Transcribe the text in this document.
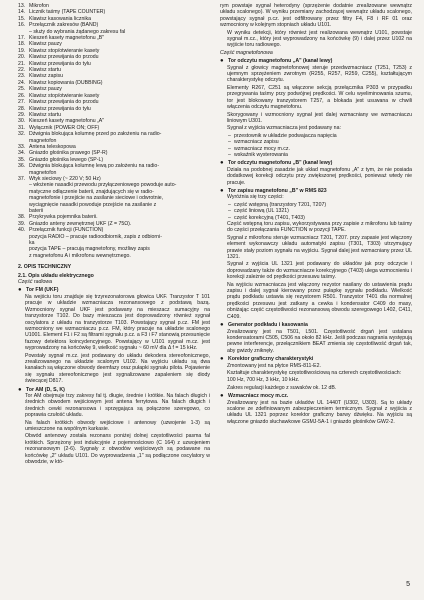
13. Mikrofon
14. Licznik taśmy (TAPE COUNTER)
15. Klawisz kasowania licznika
16. Przełącznik zakresów (BAND)
– służy do wybrania żądanego zakresu fal
17. Kieszeń kasety magnetofonu „B"
18. Klawisz pauzy
19. Klawisz stop/otwieranie kasety
20. Klawisz przewijania do przodu
21. Klawisz przewijania do tyłu
22. Klawisz startu
23. Klawisz zapisu
24. Klawisz kopiowania (DUBBING)
25. Klawisz pauzy
26. Klawisz stop/otwieranie kasety
27. Klawisz przewijania do przodu
28. Klawisz przewijania do tyłu
29. Klawisz startu
30. Kieszeń kasety magnetofonu „A"
31. Wyłącznik (POWER ON; OFF)
32. Dźwignia blokująca kolumnę przed po założeniu na radio-
magnetofon
33. Antena teleskopowa
34. Gniazdo głośnika prawego (SP-R)
35. Gniazdo głośnika lewego (SP-L)
36. Dźwignia blokująca kolumnę lewą po założeniu na radio-
magnetofon
37. Wtyk sieciowy (~ 220 V; 50 Hz)
– włożenie nasadki przewodu przyłączeniowego powoduje auto-
matyczne odłączenie baterii, znajdujących się w radio-
magnetofonie i przejście na zasilanie sieciowe i odwrotnie,
wyciągnięcie nasadki powoduje przejście na zasilanie z
baterii
38. Przykrywka pojemnika baterii.
39. Gniazdo anteny zewnętrznej UKF (Z = 75Ω).
40. Przełącznik funkcji (FUNCTION)
pozycja RADIO – pracuje radioodbiornik, zapis z odbiorni-
ka
pozycja TAPE – pracują magnetofony, możliwy zapis
z magnetofonu A i mikrofonu wewnętrznego.
2. OPIS TECHNICZNY
2.1. Opis układu elektrycznego
Część radiowa
● Tor FM (UKF)

Na wejściu toru znajduje się trzyrezonatorowa głowica UKF. Tranzystor T 101 pracuje w układzie wzmacniacza rezonansowego z podstawą bazą. Wzmocniony sygnał UKF jest podawany na mieszacz sumacyjny na tranzystorze T102. Do bazy mieszacza jest doprowadzony również sygnał oscylatora z układu na tranzystorze T103. Powstający sygnał p.cz. FM jest wzmocniony we wzmacniaczu p.cz. FM, który pracuje na układzie scalonego U1001. Element F1 i F2 są filtrami sygnału p.cz. a F3 i F7 stanowią przesunięcie fazowy detektora koincydencyjnego. Powstający w U101 sygnał m.cz. jest wyprowadzony na końcówkę 9, wielkość sygnału ~ 60 mV dla Δ f = 15 kHz.

Powstały sygnał m.cz. jest podawany do układu dekodera stereofonicznego, zrealizowanego na układzie scalonym U102. Na wyjściu układu są dwa kanałach są włączone obwody deemfazy oraz pułapki sygnału pilota. Pojawienie się sygnału stereofonicznego jest sygnalizowane zapaleniem się diody świecącej D817.

● Tor AM (D, S, K)

Tor AM obejmuje trzy zakresy fal tj. długie, średnie i krótkie. Na falach długich i średnich obwodem wejściowym jest antena ferrytowa. Na falach długich i średnich cewki rezonansowa i sprzęgająca są połączone szeregowo, co poprawia czułość układu.

Na falach krótkich obwody wejściowe i antenowy (uzwojenie 1-3) są umieszczone na wspólnym karkasie.

Obwód antenowy została rezonans poniżej dolnej częstotliwości pasma fal krótkich. Sprzężony jest indukcyjnie z pojemnościowo (C 164) z uzwojeniem rezonansowym (2-6). Sygnały z obwodów wejściowych są podawane na końcówkę „2" układu U101. Do wyprowadzenia „1" są podłączone oscylatory w obwodzie, w któ-

rym powstaje sygnał heterodyny (sprzężenie dodatnie zrealizowane wewnątrz układu scalonego). W wyniku przemiany zachodzącej wewnątrz układu scalonego, powstający sygnał p.cz. jest odfiltrowany przez filtry F4, F8 i RF 01 oraz wzmocniony w kolejnym stopniach układu U101.

W wyniku detekcji, który również jest realizowana wewnątrz U101, powstaje sygnał m.cz., który jest wyprowadzony na końcówkę (9) i dalej przez U102 na wyjście toru radiowego.

Część magnetofonowa
● Tor odczytu magnetofonu „A" (kanał lewy)

Sygnał z głowicy magnetofonowej steruje przedwzmacniacz (T251, T253) z ujemnym sprzężeniem zwrotnym (R255, R257, R259, C255), kształtującym charakterystykę odczytu.

Elementy R267, C251 są włączone sekcją przełącznika P303 w przypadku przegrywania taśmy przy podwójnej prędkości. W celu wyeliminowania szumu, tor jest blokowany tranzystorem T257, a blokada jest usuwana w chwili włączenia odczytu magnetofonu.

Skorygowany i wzmocniony sygnał jest dalej wzmacniany we wzmacniaczu liniowym U301.

Sygnał z wyjścia wzmacniacza jest podawany na:

– przestownik w układzie podwajacza napięcia
– wzmacniacz zapisu
– wzmacniacz mocy m.cz.
– wskaźnik wysterowania
● Tor odczytu magnetofonu „B" (kanał lewy)

Działa na podobnej zasadzie jak układ magnetofonu „A" z tym, że nie posiada dodatkowej korekcji odczytu przy zwiększonej prędkości, ponieważ wtedy nie pracuje.

● Tor zapisu magnetofonu „B" w RMS 823

Wyróżnia się trzy części:

– część wstępną (tranzystory T201, T207)
– część liniową (UL 1321)
– część korekcyjną (T401, T403)

Część wstępną toru zapisu, wykorzystywana przy zapisie z mikrofonu lub taśmy do części przełączania FUNCTION w pozycji TAPE.

Sygnał z mikrofonu steruje wzmacniacz T201, T207. przy zapasie jest włączony element wykonawczy układu automatyki zapisu (T301, T303) utrzymujący prawie stały poziom sygnału na wyjściu. Sygnał dalej jest wzmacniany przez UL 1321.

Sygnał z wyjścia UL 1321 jest podawany do układów jak przy odczycie i doprowadzany także do wzmacniacze korekcyjnego (T403) ulega wzmocnieniu i korekcji zależnie od prędkości przesuwu taśmy.

Na wyjściu wzmacniacza jest włączony rezystor nasilany do ustawienia prądu zapisu i dalej sygnał kierowany przez pułapkę sygnału podkładu. Wielkość prądu podkładu ustawia się rezystorem R501. Tranzystor T401 dla normalnej prędkości przesuwu jest zatkany a cewka i kondensator C409 do masy, obniżając część częstotliwości rezonansową obwodu szeregowego L402, C411, C409.

● Generator podkładu i kasowania

Zrealizowany jest na T501, L501. Częstotliwość drgań jest ustalana kondensatorami C505, C506 na około 82 kHz. Jeśli podczas nagrania występują pewne interferencje, przełącznikiem BEAT zmienia się częstotliwość drgań tak, aby gwizdy zniknęły.

● Korektor graficzny charakterystyki

Zmontowany jest na płytce RMS-811-E2.

Kształtuje charakterystykę częstotliwościową na czterech częstotliwościach:

100 Hz, 700 Hz, 3 kHz, 10 kHz.

Zakres regulacji każdego z suwaków ok. 12 dB.

● Wzmacniacz mocy m.cz.

Zrealizowany jest na bazie układów UL 1440T (U302, U303). Są to układy scalone ze zdefiniowanym zabezpieczeniem termicznym. Sygnał z wyjścia z układu UL 1321 poprzez korektor graficzny barwy dźwięku. Na wyjściu są włączone gniazdo słuchawkowe GSMJ-5A-1 i gniazdo głośników GW2-2.

5
